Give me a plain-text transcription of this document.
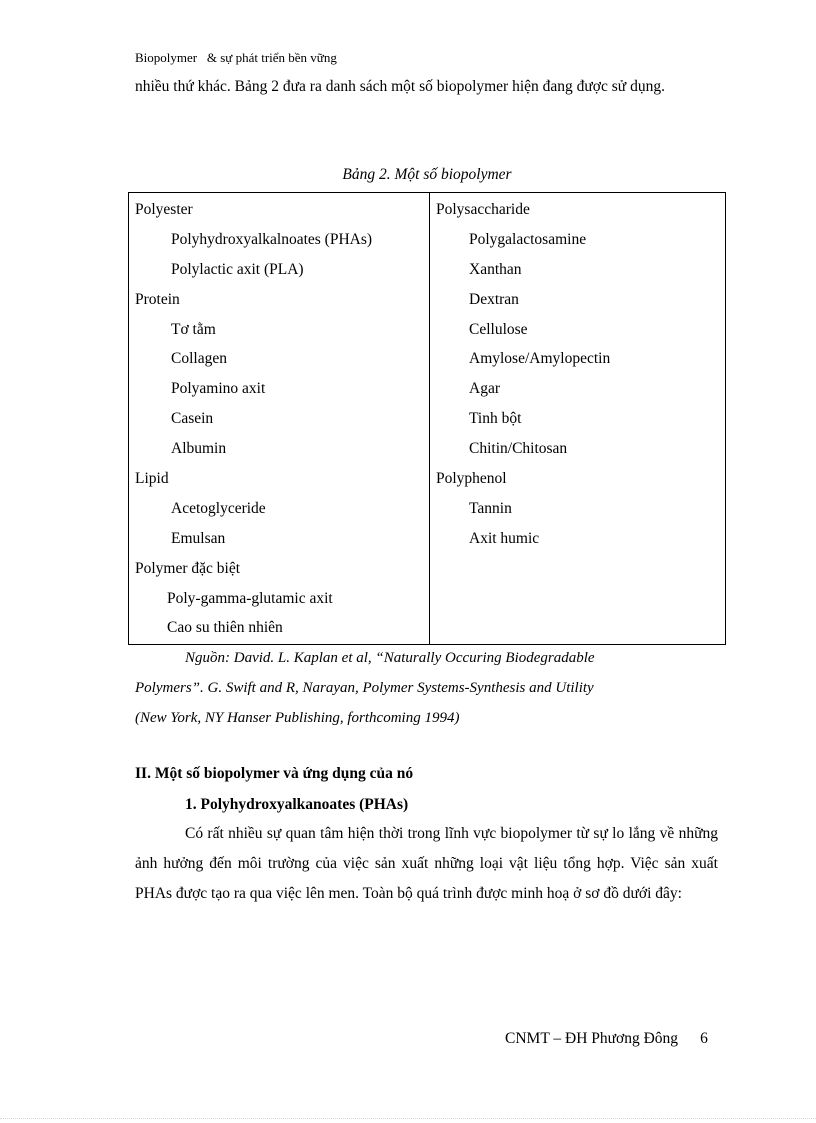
Biopolymer   & sự phát triển bền vững
nhiều thứ khác. Bảng 2 đưa ra danh sách một số biopolymer hiện đang được sử dụng.
Bảng 2. Một số biopolymer
Polyester
Polyhydroxyalkalnoates (PHAs)
Polylactic axit (PLA)
Protein
Tơ tằm
Collagen
Polyamino axit
Casein
Albumin
Lipid
Acetoglyceride
Emulsan
Polymer đặc biệt
Poly-gamma-glutamic axit
Cao su thiên nhiên
Polysaccharide
Polygalactosamine
Xanthan
Dextran
Cellulose
Amylose/Amylopectin
Agar
Tinh bột
Chitin/Chitosan
Polyphenol
Tannin
Axit humic
Nguồn: David. L. Kaplan et al, “Naturally Occuring Biodegradable
Polymers”. G. Swift and R, Narayan, Polymer Systems-Synthesis and Utility
(New York, NY Hanser Publishing, forthcoming 1994)
II. Một số biopolymer và ứng dụng của nó
1. Polyhydroxyalkanoates (PHAs)
Có rất nhiều sự quan tâm hiện thời trong lĩnh vực biopolymer từ sự lo lắng về những ảnh hưởng đến môi trường của việc sản xuất những loại vật liệu tổng hợp. Việc sản xuất PHAs được tạo ra qua việc lên men. Toàn bộ quá trình được minh hoạ ở sơ đồ dưới đây:
CNMT – ĐH Phương Đông 6
